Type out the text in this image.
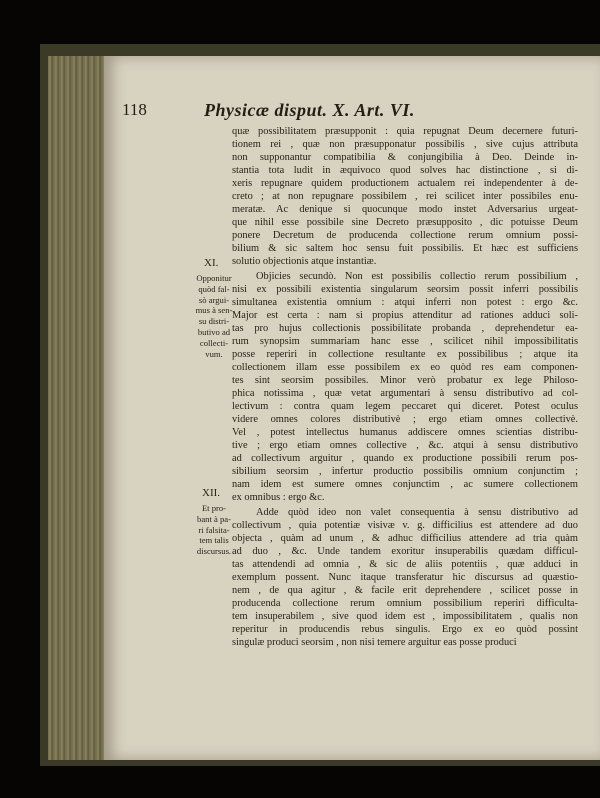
118	Physicæ disput. X. Art. VI.
quæ possibilitatem præsupponit : quia repugnat Deum decernere futuri-
tionem rei , quæ non præsupponatur possibilis , sive cujus attributa
non supponantur compatibilia & conjungibilia à Deo. Deinde in-
stantia tota ludit in æquivoco quod solves hac distinctione , si di-
xeris repugnare quidem productionem actualem rei independenter à de-
creto ; at non repugnare possibilem , rei scilicet inter possibiles enu-
meratæ. Ac denique si quocunque modo instet Adversarius urgeat-
que nihil esse possibile sine Decreto præsupposito , dic potuisse Deum
ponere Decretum de producenda collectione rerum omnium possi-
bilium & sic saltem hoc sensu fuit possibilis. Et hæc est sufficiens
solutio objectionis atque instantiæ.
Objicies secundò. Non est possibilis collectio rerum possibilium ,
nisi ex possibili existentia singularum seorsim possit inferri possibilis
simultanea existentia omnium : atqui inferri non potest : ergo &c.
Major est certa : nam si propius attenditur ad rationes adduci soli-
tas pro hujus collectionis possibilitate probanda , deprehendetur ea-
rum synopsim summariam hanc esse , scilicet nihil impossibilitatis
posse reperiri in collectione resultante ex possibilibus ; atque ita
collectionem illam esse possibilem ex eo quòd res eam componen-
tes sint seorsim possibiles. Minor verò probatur ex lege Philoso-
phica notissima , quæ vetat argumentari à sensu distributivo ad col-
lectivum : contra quam legem peccaret qui diceret. Potest oculus
videre omnes colores distributivè ; ergo etiam omnes collectivè.
Vel , potest intellectus humanus addiscere omnes scientias distribu-
tive ; ergo etiam omnes collective , &c. atqui à sensu distributivo
ad collectivum arguitur , quando ex productione possibili rerum pos-
sibilium seorsim , infertur productio possibilis omnium conjunctim ;
nam idem est sumere omnes conjunctim , ac sumere collectionem
ex omnibus : ergo &c.
Adde quòd ideo non valet consequentia à sensu distributivo ad
collectivum , quia potentiæ visivæ v. g. difficilius est attendere ad duo
objecta , quàm ad unum , & adhuc difficilius attendere ad tria quàm
ad duo , &c. Unde tandem exoritur insuperabilis quædam difficul-
tas attendendi ad omnia , & sic de aliis potentiis , quæ adduci in
exemplum possent. Nunc itaque transferatur hic discursus ad quæstio-
nem , de qua agitur , & facile erit deprehendere , scilicet posse in
producenda collectione rerum omnium possibilium reperiri difficulta-
tem insuperabilem , sive quod idem est , impossibilitatem , qualis non
reperitur in producendis rebus singulis. Ergo ex eo quòd possint
singulæ produci seorsim , non nisi temere arguitur eas posse produci
XI.
Opponitur
quòd fal-
sò argui-
mus à sen-
su distri-
butivo ad
collecti-
vum.
XII.
Et pro-
bant à pa-
ri falsita-
tem talis
discursus.
